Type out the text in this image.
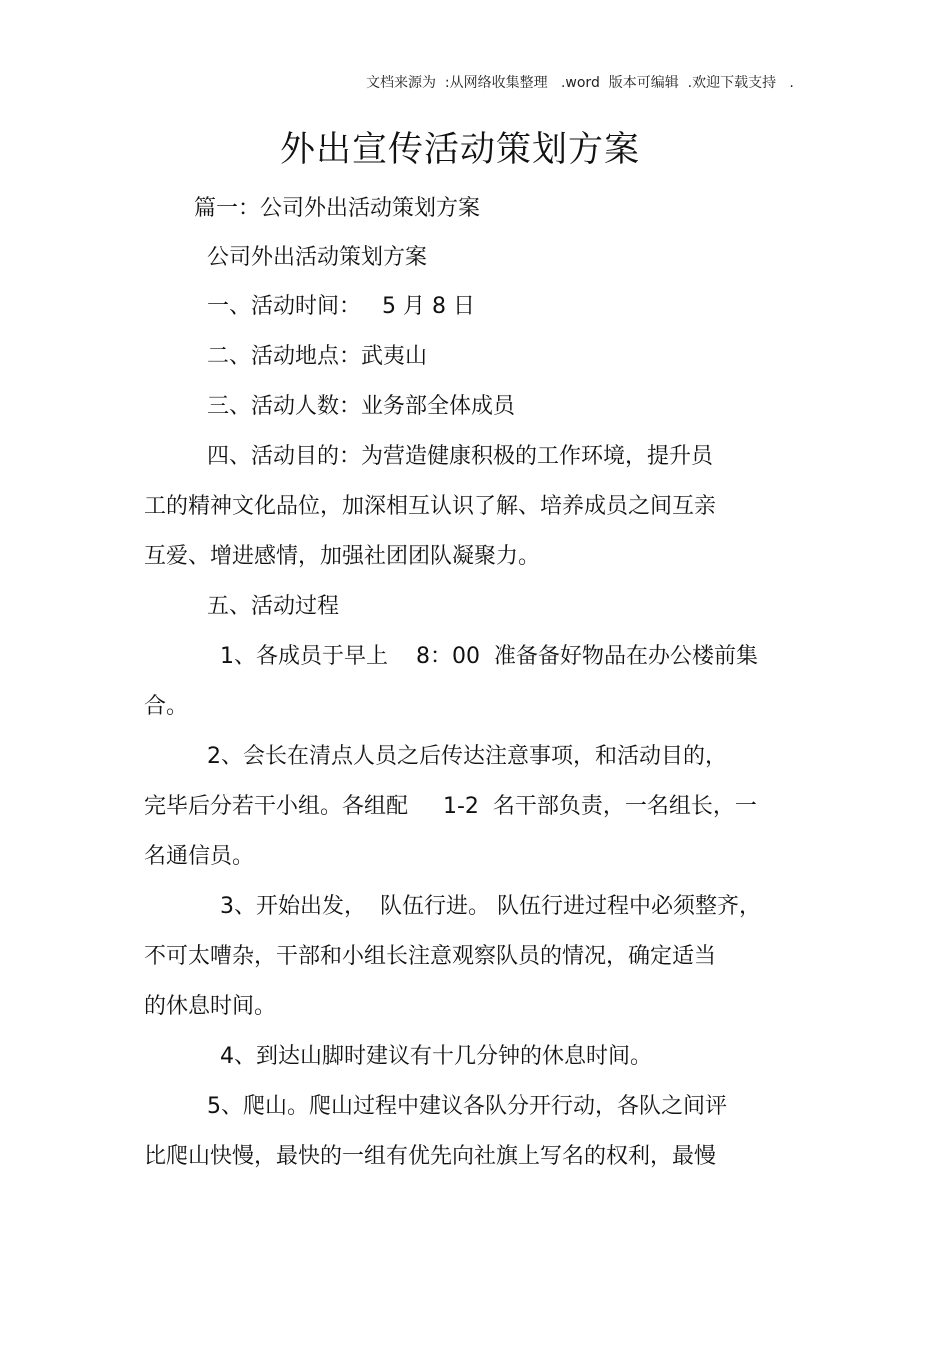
文档来源为  :从网络收集整理   .word  版本可编辑  .欢迎下载支持   .
外出宣传活动策划方案
篇一：公司外出活动策划方案
公司外出活动策划方案
一、活动时间：   5 月 8 日
二、活动地点：武夷山
三、活动人数：业务部全体成员
四、活动目的：为营造健康积极的工作环境，提升员
工的精神文化品位，加深相互认识了解、培养成员之间互亲
互爱、增进感情，加强社团团队凝聚力。
五、活动过程
1、各成员于早上    8：00  准备备好物品在办公楼前集
合。
2、会长在清点人员之后传达注意事项，和活动目的，
完毕后分若干小组。各组配     1-2  名干部负责，一名组长，一
名通信员。
3、开始出发，  队伍行进。 队伍行进过程中必须整齐，
不可太嘈杂，干部和小组长注意观察队员的情况，确定适当
的休息时间。
4、到达山脚时建议有十几分钟的休息时间。
5、爬山。爬山过程中建议各队分开行动，各队之间评
比爬山快慢，最快的一组有优先向社旗上写名的权利，最慢
